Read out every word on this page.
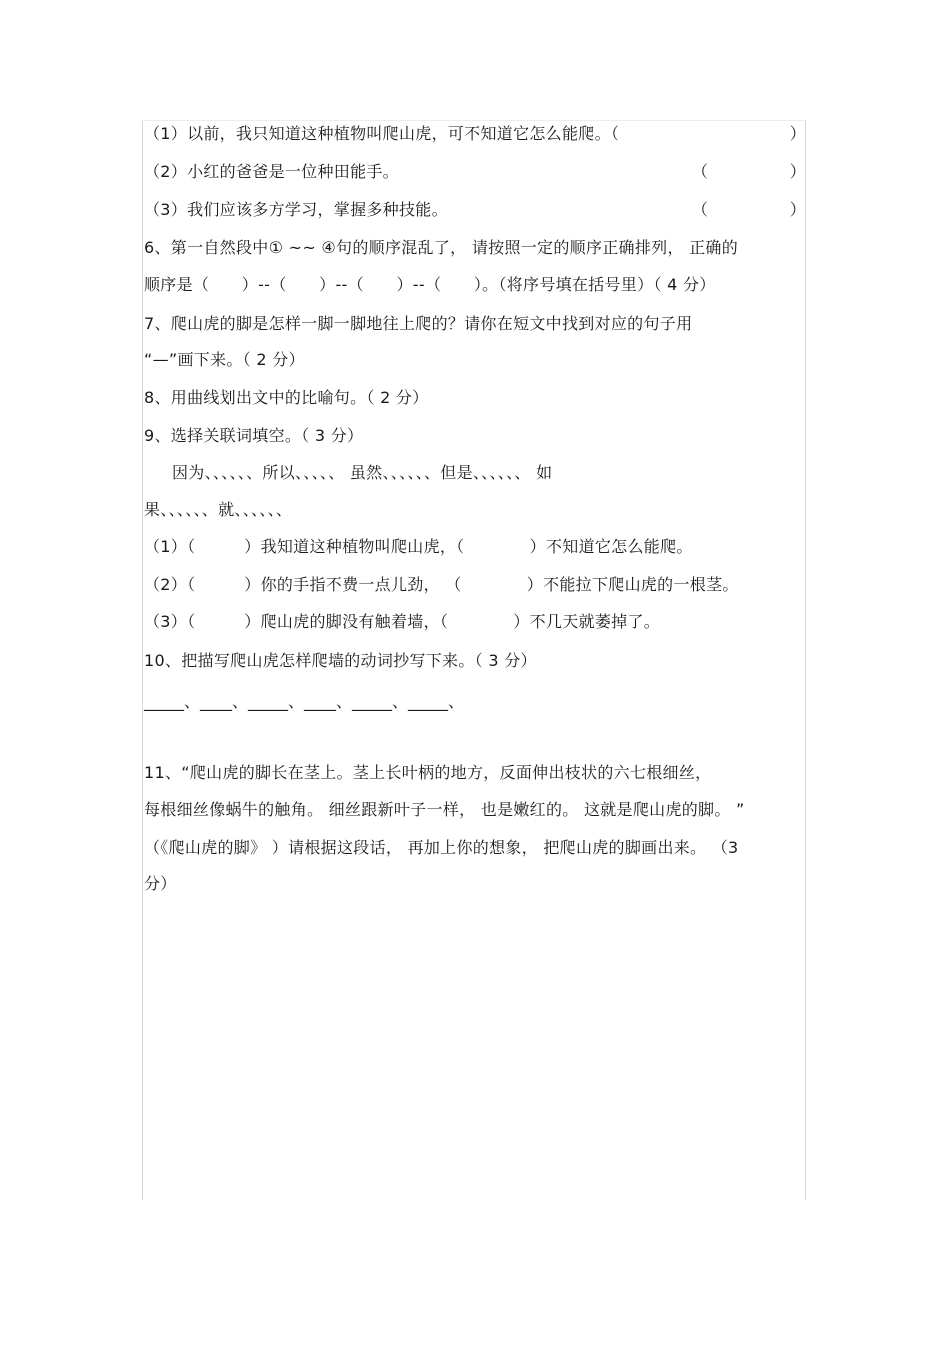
（1）以前，我只知道这种植物叫爬山虎，可不知道它怎么能爬。（	）
（2）小红的爸爸是一位种田能手。	（　　　　　）
（3）我们应该多方学习，掌握多种技能。	（　　　　　）
6、第一自然段中① ~~ ④句的顺序混乱了， 请按照一定的顺序正确排列， 正确的
顺序是（　　）--（　　）--（　　）--（　　）。（将序号填在括号里）（ 4 分）
7、爬山虎的脚是怎样一脚一脚地往上爬的？请你在短文中找到对应的句子用
“—”画下来。（ 2 分）
8、用曲线划出文中的比喻句。（ 2 分）
9、选择关联词填空。（ 3 分）
因为、、、、、、所以、、、、、 虽然、、、、、、但是、、、、、、 如
果、、、、、、就、、、、、、
（1）（　　　）我知道这种植物叫爬山虎，（　　　　）不知道它怎么能爬。
（2）（　　　）你的手指不费一点儿劲， （　　　　）不能拉下爬山虎的一根茎。
（3）（　　　）爬山虎的脚没有触着墙，（　　　　）不几天就萎掉了。
10、把描写爬山虎怎样爬墙的动词抄写下来。（ 3 分）
_____、____、_____、____、_____、_____、
11、“爬山虎的脚长在茎上。茎上长叶柄的地方，反面伸出枝状的六七根细丝，
每根细丝像蜗牛的触角。 细丝跟新叶子一样， 也是嫩红的。 这就是爬山虎的脚。 ”
（《爬山虎的脚》 ）请根据这段话， 再加上你的想象， 把爬山虎的脚画出来。 （3
分）
